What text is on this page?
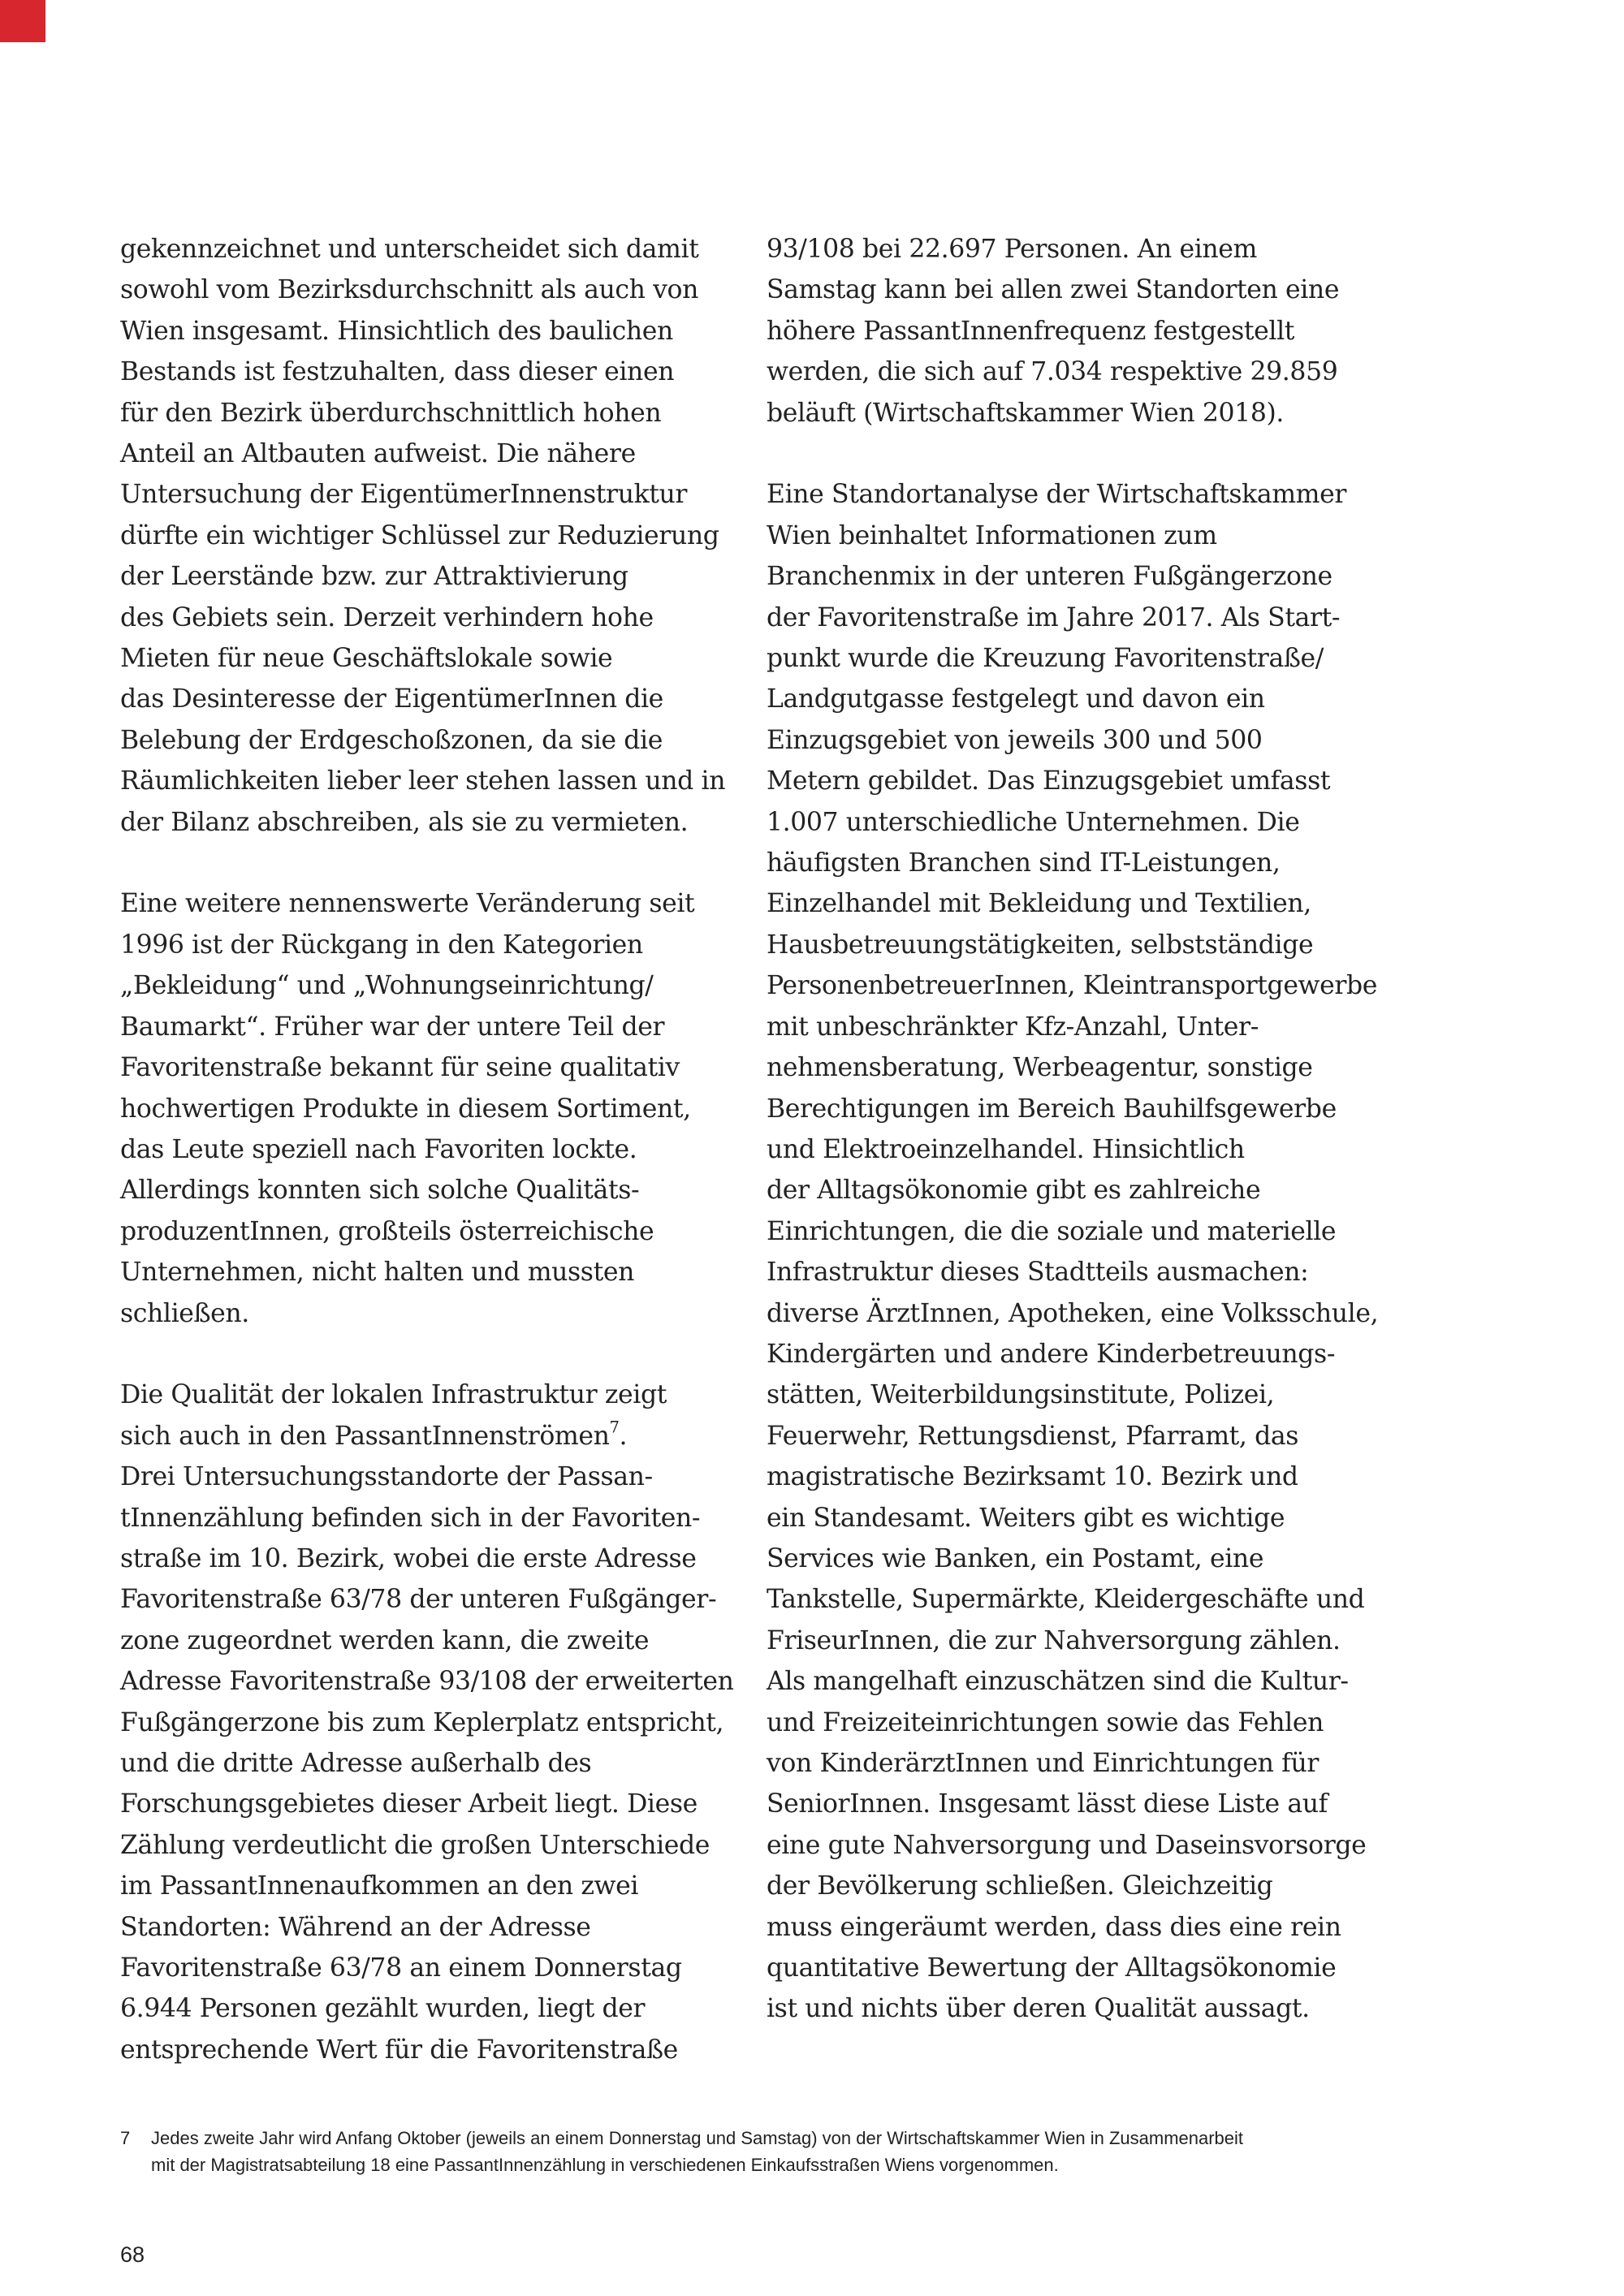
gekennzeichnet und unterscheidet sich damit
sowohl vom Bezirksdurchschnitt als auch von
Wien insgesamt. Hinsichtlich des baulichen
Bestands ist festzuhalten, dass dieser einen
für den Bezirk überdurchschnittlich hohen
Anteil an Altbauten aufweist. Die nähere
Untersuchung der EigentümerInnenstruktur
dürfte ein wichtiger Schlüssel zur Reduzierung
der Leerstände bzw. zur Attraktivierung
des Gebiets sein. Derzeit verhindern hohe
Mieten für neue Geschäftslokale sowie
das Desinteresse der EigentümerInnen die
Belebung der Erdgeschoßzonen, da sie die
Räumlichkeiten lieber leer stehen lassen und in
der Bilanz abschreiben, als sie zu vermieten.

Eine weitere nennenswerte Veränderung seit
1996 ist der Rückgang in den Kategorien
„Bekleidung“ und „Wohnungseinrichtung/
Baumarkt“. Früher war der untere Teil der
Favoritenstraße bekannt für seine qualitativ
hochwertigen Produkte in diesem Sortiment,
das Leute speziell nach Favoriten lockte.
Allerdings konnten sich solche Qualitäts-
produzentInnen, großteils österreichische
Unternehmen, nicht halten und mussten
schließen.

Die Qualität der lokalen Infrastruktur zeigt
sich auch in den PassantInnenströmen$^7$.
Drei Untersuchungsstandorte der Passan-
tInnenzählung befinden sich in der Favoriten-
straße im 10. Bezirk, wobei die erste Adresse
Favoritenstraße 63/78 der unteren Fußgänger-
zone zugeordnet werden kann, die zweite
Adresse Favoritenstraße 93/108 der erweiterten
Fußgängerzone bis zum Keplerplatz entspricht,
und die dritte Adresse außerhalb des
Forschungsgebietes dieser Arbeit liegt. Diese
Zählung verdeutlicht die großen Unterschiede
im PassantInnenaufkommen an den zwei
Standorten: Während an der Adresse
Favoritenstraße 63/78 an einem Donnerstag
6.944 Personen gezählt wurden, liegt der
entsprechende Wert für die Favoritenstraße

93/108 bei 22.697 Personen. An einem
Samstag kann bei allen zwei Standorten eine
höhere PassantInnenfrequenz festgestellt
werden, die sich auf 7.034 respektive 29.859
beläuft (Wirtschaftskammer Wien 2018).

Eine Standortanalyse der Wirtschaftskammer
Wien beinhaltet Informationen zum
Branchenmix in der unteren Fußgängerzone
der Favoritenstraße im Jahre 2017. Als Start-
punkt wurde die Kreuzung Favoritenstraße/
Landgutgasse festgelegt und davon ein
Einzugsgebiet von jeweils 300 und 500
Metern gebildet. Das Einzugsgebiet umfasst
1.007 unterschiedliche Unternehmen. Die
häufigsten Branchen sind IT-Leistungen,
Einzelhandel mit Bekleidung und Textilien,
Hausbetreuungstätigkeiten, selbstständige
PersonenbetreuerInnen, Kleintransportgewerbe
mit unbeschränkter Kfz-Anzahl, Unter-
nehmensberatung, Werbeagentur, sonstige
Berechtigungen im Bereich Bauhilfsgewerbe
und Elektroeinzelhandel. Hinsichtlich
der Alltagsökonomie gibt es zahlreiche
Einrichtungen, die die soziale und materielle
Infrastruktur dieses Stadtteils ausmachen:
diverse ÄrztInnen, Apotheken, eine Volksschule,
Kindergärten und andere Kinderbetreuungs-
stätten, Weiterbildungsinstitute, Polizei,
Feuerwehr, Rettungsdienst, Pfarramt, das
magistratische Bezirksamt 10. Bezirk und
ein Standesamt. Weiters gibt es wichtige
Services wie Banken, ein Postamt, eine
Tankstelle, Supermärkte, Kleidergeschäfte und
FriseurInnen, die zur Nahversorgung zählen.
Als mangelhaft einzuschätzen sind die Kultur-
und Freizeiteinrichtungen sowie das Fehlen
von KinderärztInnen und Einrichtungen für
SeniorInnen. Insgesamt lässt diese Liste auf
eine gute Nahversorgung und Daseinsvorsorge
der Bevölkerung schließen. Gleichzeitig
muss eingeräumt werden, dass dies eine rein
quantitative Bewertung der Alltagsökonomie
ist und nichts über deren Qualität aussagt.

7 Jedes zweite Jahr wird Anfang Oktober (jeweils an einem Donnerstag und Samstag) von der Wirtschaftskammer Wien in Zusammenarbeit
mit der Magistratsabteilung 18 eine PassantInnenzählung in verschiedenen Einkaufsstraßen Wiens vorgenommen.
68
